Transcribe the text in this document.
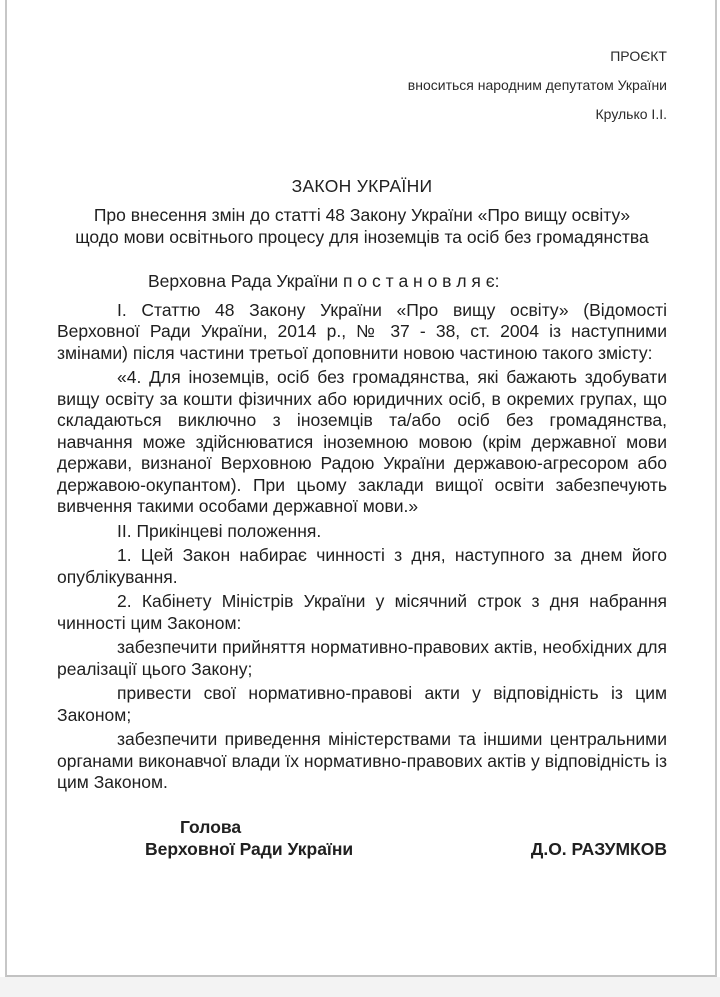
ПРОЄКТ
вноситься народним депутатом України
Крулько І.І.
ЗАКОН УКРАЇНИ
Про внесення змін до статті 48 Закону України «Про вищу освіту»
щодо мови освітнього процесу для іноземців та осіб без громадянства
Верховна Рада України п о с т а н о в л я є:

І. Статтю 48 Закону України «Про вищу освіту» (Відомості Верховної Ради України, 2014 р., № 37 - 38, ст. 2004 із наступними змінами) після частини третьої доповнити новою частиною такого змісту:

«4. Для іноземців, осіб без громадянства, які бажають здобувати вищу освіту за кошти фізичних або юридичних осіб, в окремих групах, що складаються виключно з іноземців та/або осіб без громадянства, навчання може здійснюватися іноземною мовою (крім державної мови держави, визнаної Верховною Радою України державою-агресором або державою-окупантом). При цьому заклади вищої освіти забезпечують вивчення такими особами державної мови.»

ІІ. Прикінцеві положення.

1. Цей Закон набирає чинності з дня, наступного за днем його опублікування.

2. Кабінету Міністрів України у місячний строк з дня набрання чинності цим Законом:

забезпечити прийняття нормативно-правових актів, необхідних для реалізації цього Закону;

привести свої нормативно-правові акти у відповідність із цим Законом;

забезпечити приведення міністерствами та іншими центральними органами виконавчої влади їх нормативно-правових актів у відповідність із цим Законом.

Голова
Верховної Ради України	Д.О. РАЗУМКОВ
